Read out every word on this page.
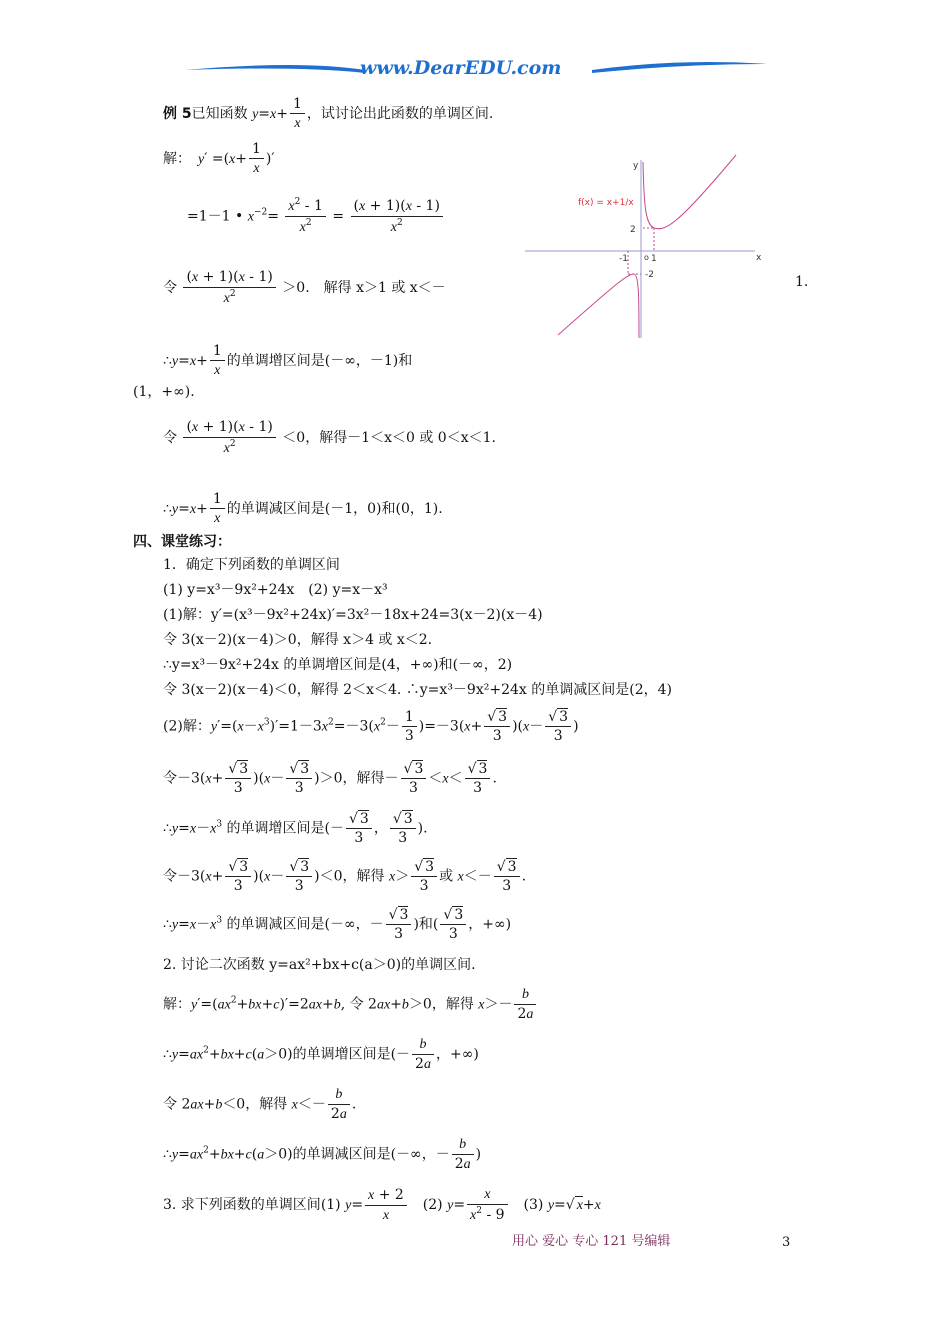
www.DearEDU.com
例 5已知函数 $y=x+ \frac{1}{x}$ ，试讨论出此函数的单调区间.
解：　 $y' =(x+ \frac{1}{x}$ )′
=1－1 • $x^{-2}= \frac{x^2 - 1}{x^2} = \frac{(x + 1)(x - 1)}{x^2}$
令 $\frac{(x + 1)(x - 1)}{x^2} >0$.　解得 x＞1 或 x＜－	1.
∴y=x+ $\frac{1}{x}$ 的单调增区间是(－∞，－1)和
(1，+∞).
令 $\frac{(x + 1)(x - 1)}{x^2} <0$，解得－1＜x＜0 或 0＜x＜1.
∴y=x+ $\frac{1}{x}$ 的单调减区间是(－1，0)和(0，1).
f(x) = x+1/x
y
x
2
-2
-1 o 1
四、课堂练习：
1．确定下列函数的单调区间
(1) y=x³－9x²+24x　(2) y=x－x³
(1)解：y′=(x³－9x²+24x)′=3x²－18x+24=3(x－2)(x－4)
令 3(x－2)(x－4)＞0，解得 x＞4 或 x＜2.
∴y=x³－9x²+24x 的单调增区间是(4，+∞)和(－∞，2)
令 3(x－2)(x－4)＜0，解得 2＜x＜4. ∴y=x³－9x²+24x 的单调减区间是(2，4)
(2)解：$y'=(x-x^3)'=1-3x^2=-3(x^2- \frac{1}{3} )=-3(x+ \frac{√ 3}{3} )(x- \frac{√ 3}{3}$ )
令$-3(x+ \frac{√ 3}{3} )(x- \frac{√ 3}{3} )>0$，解得－ $\frac{√ 3}{3} <x< \frac{√ 3}{3}$ .
$\therefore y=x-x^3$ 的单调增区间是(－ $\frac{√ 3}{3}$ ， $\frac{√ 3}{3}$ ).
令$-3(x+ \frac{√ 3}{3} )(x- \frac{√ 3}{3} )<0$，解得 $x> \frac{√ 3}{3}$ 或 $x<- \frac{√ 3}{3}$ .
$\therefore y=x-x^3$ 的单调减区间是(－∞，－ $\frac{√ 3}{3}$ )和( $\frac{√ 3}{3}$ ，+∞)
2. 讨论二次函数 y=ax²+bx+c(a＞0)的单调区间.
解：$y'=(ax^2+bx+c)'=2ax+b$, 令 2ax+b＞0，解得 $x>- \frac{b}{2a}$
$\therefore y=ax^2+bx+c(a>0)$的单调增区间是(－ $\frac{b}{2a}$ ，+∞)
令 2ax+b＜0，解得 $x<- \frac{b}{2a}$ .
$\therefore y=ax^2+bx+c(a>0)$的单调减区间是(－∞，－ $\frac{b}{2a}$ )
3. 求下列函数的单调区间(1) $y= \frac{x + 2}{x}$ 　(2) $y= \frac{x}{x^2 - 9}$ 　(3) y=√ x+x
用心 爱心 专心 121 号编辑	3
